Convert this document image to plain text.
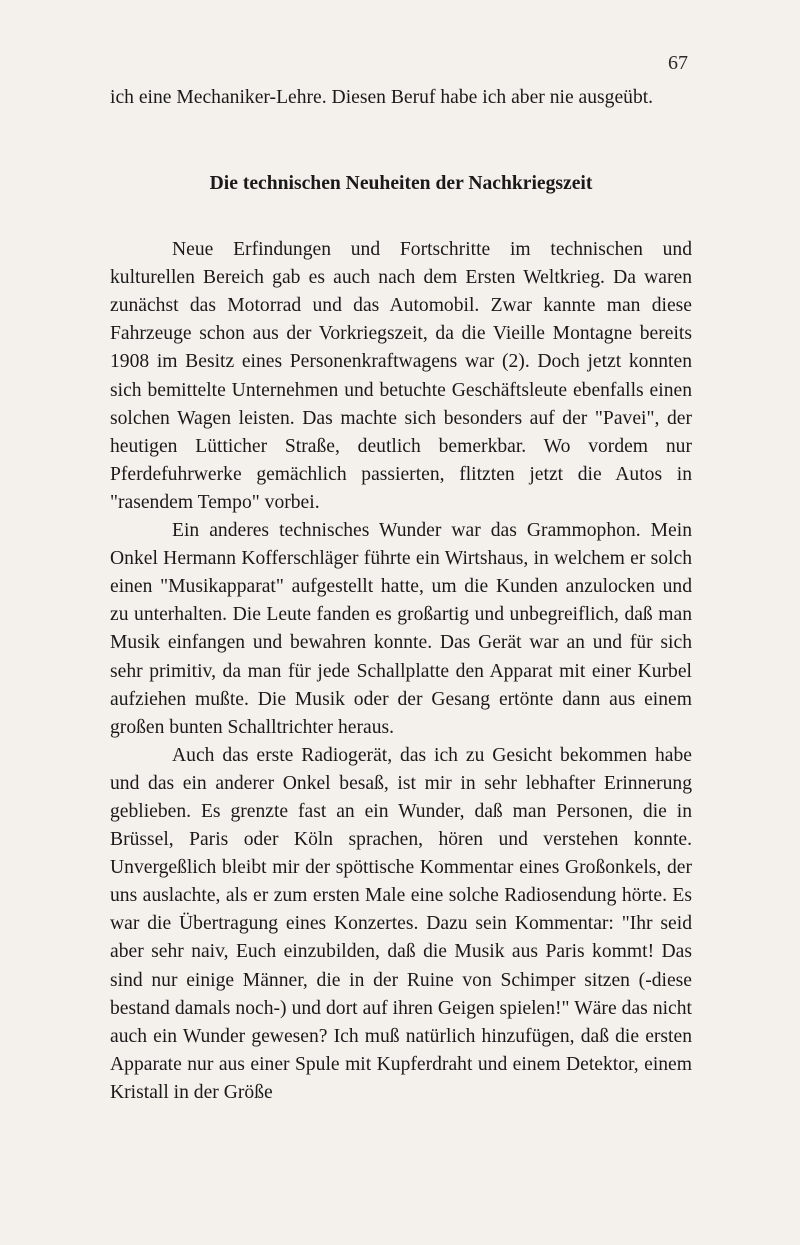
67

ich eine Mechaniker-Lehre. Diesen Beruf habe ich aber nie ausgeübt.

Die technischen Neuheiten der Nachkriegszeit

Neue Erfindungen und Fortschritte im technischen und kulturellen Bereich gab es auch nach dem Ersten Weltkrieg. Da waren zunächst das Motorrad und das Automobil. Zwar kannte man diese Fahrzeuge schon aus der Vorkriegszeit, da die Vieille Montagne bereits 1908 im Besitz eines Personenkraftwagens war (2). Doch jetzt konnten sich bemittelte Unternehmen und betuchte Geschäftsleute ebenfalls einen solchen Wagen leisten. Das machte sich besonders auf der "Pavei", der heutigen Lütticher Straße, deutlich bemerkbar. Wo vordem nur Pferdefuhrwerke gemächlich passierten, flitzten jetzt die Autos in "rasendem Tempo" vorbei.

Ein anderes technisches Wunder war das Grammophon. Mein Onkel Hermann Kofferschläger führte ein Wirtshaus, in welchem er solch einen "Musikapparat" aufgestellt hatte, um die Kunden anzulocken und zu unterhalten. Die Leute fanden es großartig und unbegreiflich, daß man Musik einfangen und bewahren konnte. Das Gerät war an und für sich sehr primitiv, da man für jede Schallplatte den Apparat mit einer Kurbel aufziehen mußte. Die Musik oder der Gesang ertönte dann aus einem großen bunten Schalltrichter heraus.

Auch das erste Radiogerät, das ich zu Gesicht bekommen habe und das ein anderer Onkel besaß, ist mir in sehr lebhafter Erinnerung geblieben. Es grenzte fast an ein Wunder, daß man Personen, die in Brüssel, Paris oder Köln sprachen, hören und verstehen konnte. Unvergeßlich bleibt mir der spöttische Kommentar eines Großonkels, der uns auslachte, als er zum ersten Male eine solche Radiosendung hörte. Es war die Übertragung eines Konzertes. Dazu sein Kommentar: "Ihr seid aber sehr naiv, Euch einzubilden, daß die Musik aus Paris kommt! Das sind nur einige Männer, die in der Ruine von Schimper sitzen (-diese bestand damals noch-) und dort auf ihren Geigen spielen!" Wäre das nicht auch ein Wunder gewesen? Ich muß natürlich hinzufügen, daß die ersten Apparate nur aus einer Spule mit Kupferdraht und einem Detektor, einem Kristall in der Größe
